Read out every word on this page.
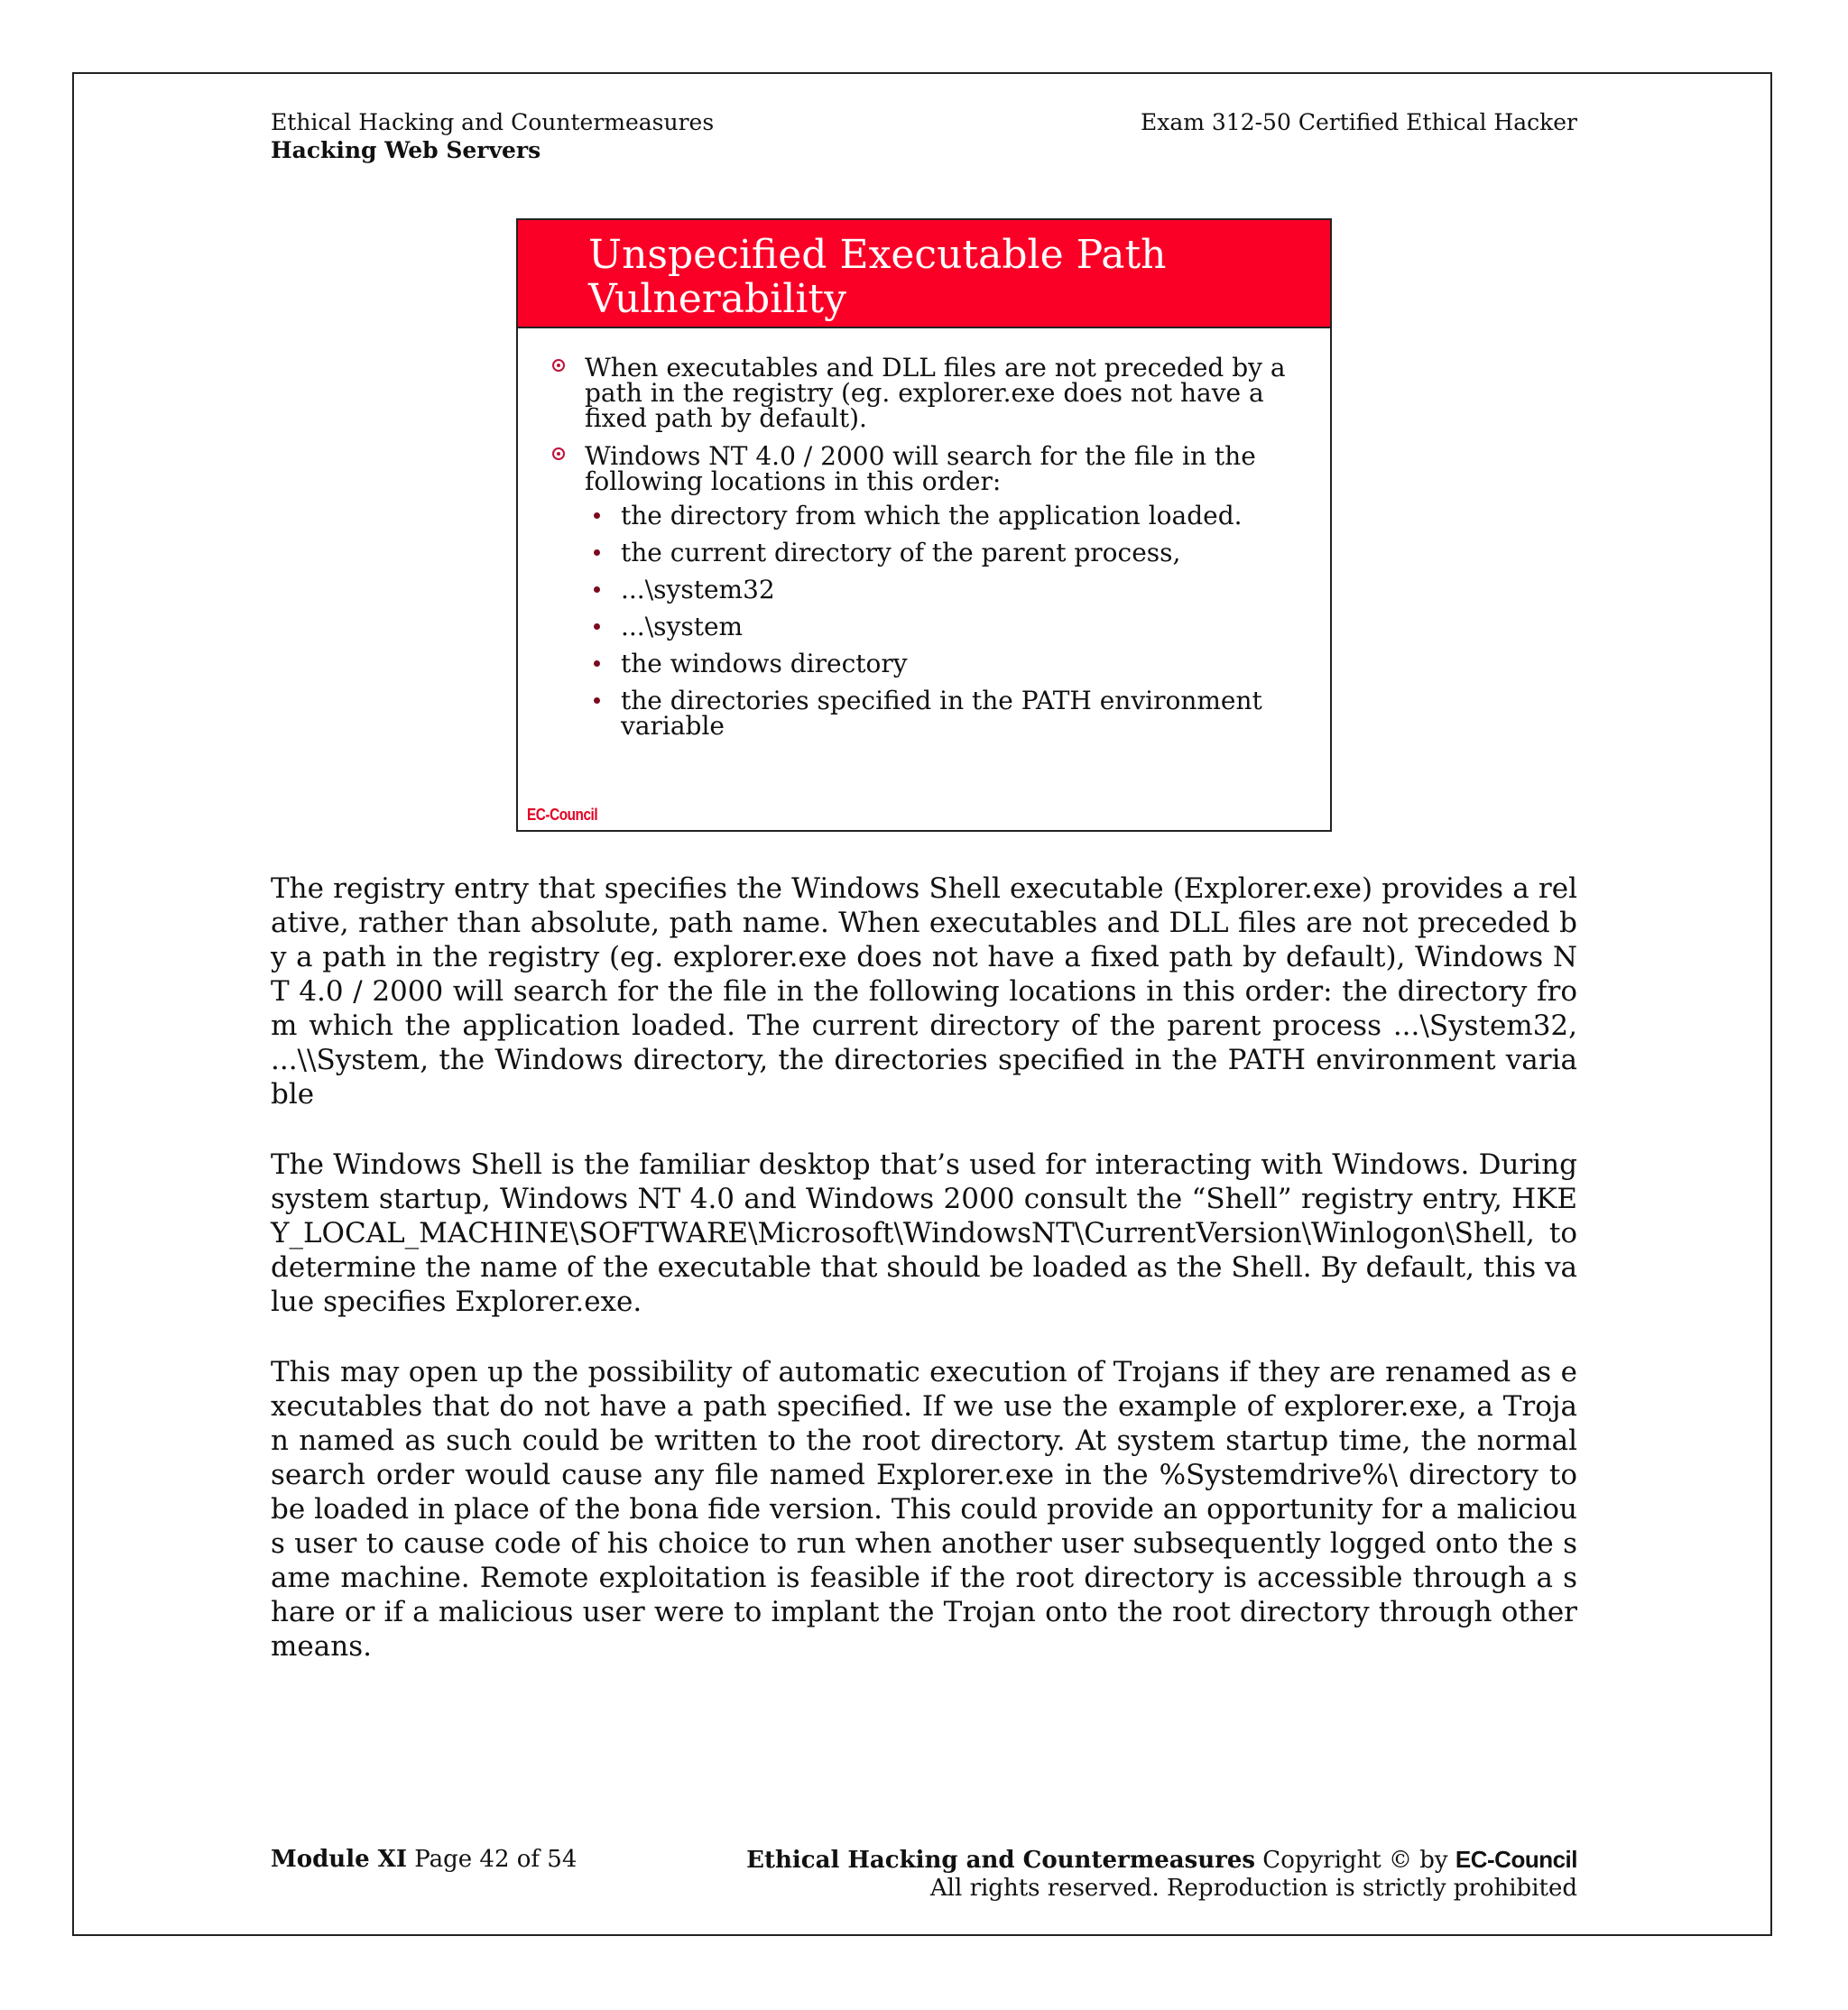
Ethical Hacking and Countermeasures
Hacking Web Servers
Exam 312-50 Certified Ethical Hacker
Unspecified Executable Path Vulnerability
When executables and DLL files are not preceded by a path in the registry (eg. explorer.exe does not have a fixed path by default).
Windows NT 4.0 / 2000 will search for the file in the following locations in this order:
the directory from which the application loaded.
the current directory of the parent process,
...\system32
...\system
the windows directory
the directories specified in the PATH environment variable
EC-Council

The registry entry that specifies the Windows Shell executable (Explorer.exe) provides a relative, rather than absolute, path name. When executables and DLL files are not preceded by a path in the registry (eg. explorer.exe does not have a fixed path by default), Windows NT 4.0 / 2000 will search for the file in the following locations in this order: the directory from which the application loaded. The current directory of the parent process ...\System32, ...\\System, the Windows directory, the directories specified in the PATH environment variable

The Windows Shell is the familiar desktop that’s used for interacting with Windows. During system startup, Windows NT 4.0 and Windows 2000 consult the “Shell” registry entry, HKEY_LOCAL_MACHINE\SOFTWARE\Microsoft\WindowsNT\CurrentVersion\Winlogon\Shell, to determine the name of the executable that should be loaded as the Shell. By default, this value specifies Explorer.exe.

This may open up the possibility of automatic execution of Trojans if they are renamed as executables that do not have a path specified. If we use the example of explorer.exe, a Trojan named as such could be written to the root directory. At system startup time, the normal search order would cause any file named Explorer.exe in the %Systemdrive%\ directory to be loaded in place of the bona fide version. This could provide an opportunity for a malicious user to cause code of his choice to run when another user subsequently logged onto the same machine. Remote exploitation is feasible if the root directory is accessible through a share or if a malicious user were to implant the Trojan onto the root directory through other means.

Module XI Page 42 of 54	Ethical Hacking and Countermeasures Copyright © by EC-Council
All rights reserved. Reproduction is strictly prohibited
